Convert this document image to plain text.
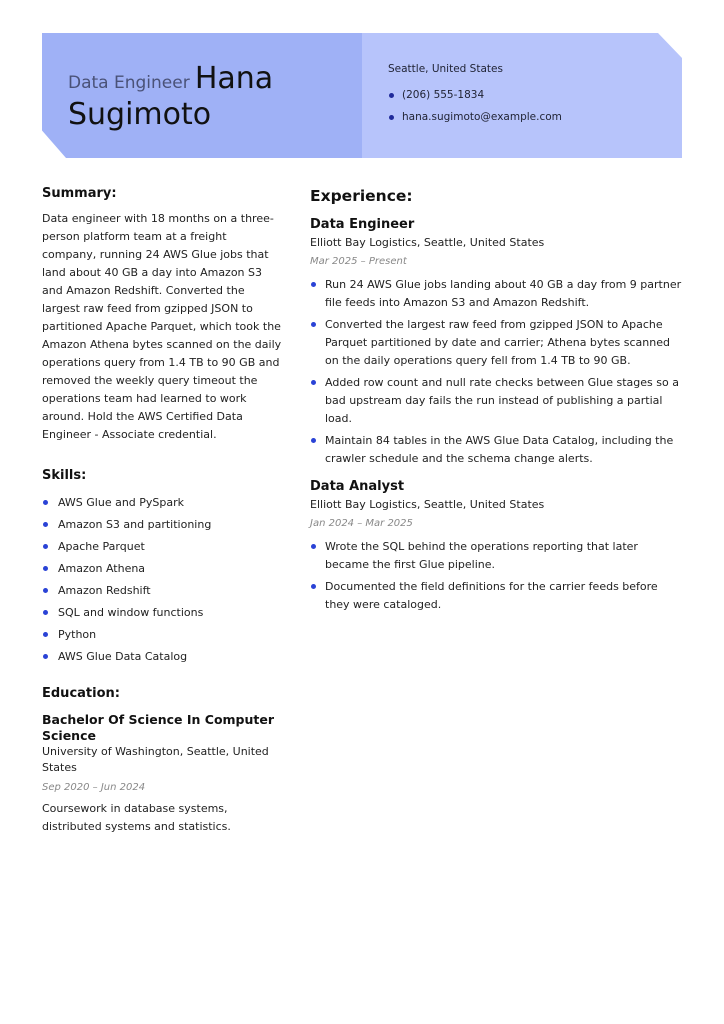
Data Engineer Hana Sugimoto
Seattle, United States
(206) 555-1834
hana.sugimoto@example.com
Summary:

Data engineer with 18 months on a three-person platform team at a freight company, running 24 AWS Glue jobs that land about 40 GB a day into Amazon S3 and Amazon Redshift. Converted the largest raw feed from gzipped JSON to partitioned Apache Parquet, which took the Amazon Athena bytes scanned on the daily operations query from 1.4 TB to 90 GB and removed the weekly query timeout the operations team had learned to work around. Hold the AWS Certified Data Engineer - Associate credential.

Skills:
AWS Glue and PySpark
Amazon S3 and partitioning
Apache Parquet
Amazon Athena
Amazon Redshift
SQL and window functions
Python
AWS Glue Data Catalog
Education:

Bachelor Of Science In Computer Science

University of Washington, Seattle, United States

Sep 2020 – Jun 2024

Coursework in database systems, distributed systems and statistics.

Experience:

Data Engineer

Elliott Bay Logistics, Seattle, United States

Mar 2025 – Present

Run 24 AWS Glue jobs landing about 40 GB a day from 9 partner file feeds into Amazon S3 and Amazon Redshift.
Converted the largest raw feed from gzipped JSON to Apache Parquet partitioned by date and carrier; Athena bytes scanned on the daily operations query fell from 1.4 TB to 90 GB.
Added row count and null rate checks between Glue stages so a bad upstream day fails the run instead of publishing a partial load.
Maintain 84 tables in the AWS Glue Data Catalog, including the crawler schedule and the schema change alerts.

Data Analyst

Elliott Bay Logistics, Seattle, United States

Jan 2024 – Mar 2025

Wrote the SQL behind the operations reporting that later became the first Glue pipeline.
Documented the field definitions for the carrier feeds before they were cataloged.
